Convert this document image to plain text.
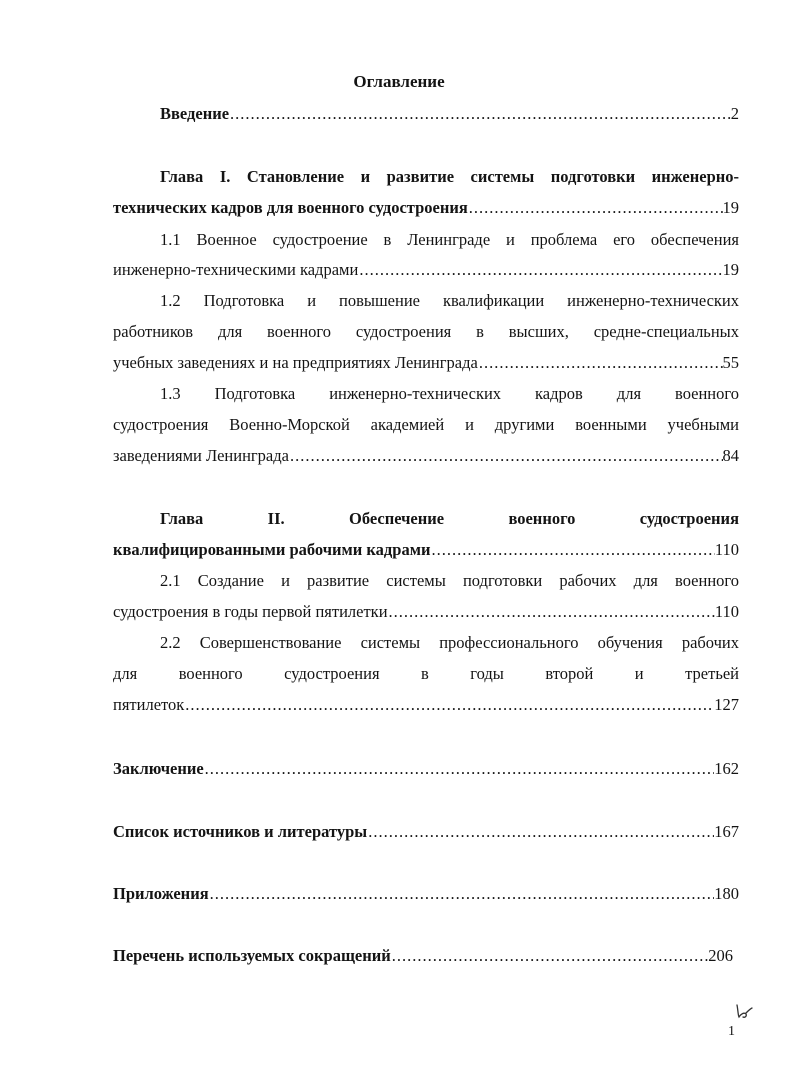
Оглавление
Введение .....	2
Глава I. Становление и развитие системы подготовки инженерно-
технических кадров для военного судостроения .....	19
1.1 Военное судостроение в Ленинграде и проблема его обеспечения
инженерно-техническими кадрами .....	19
1.2 Подготовка и повышение квалификации инженерно-технических
работников для военного судостроения в высших, средне-специальных
учебных заведениях и на предприятиях Ленинграда .....	55
1.3 Подготовка инженерно-технических кадров для военного
судостроения Военно-Морской академией и другими военными учебными
заведениями Ленинграда .....	84
Глава II. Обеспечение военного судостроения
квалифицированными рабочими кадрами .....	110
2.1 Создание и развитие системы подготовки рабочих для военного
судостроения в годы первой пятилетки .....	110
2.2 Совершенствование системы профессионального обучения рабочих
для военного судостроения в годы второй и третьей
пятилеток .....	127
Заключение .....	162
Список источников и литературы .....	167
Приложения .....	180
Перечень используемых сокращений .....	206
1
